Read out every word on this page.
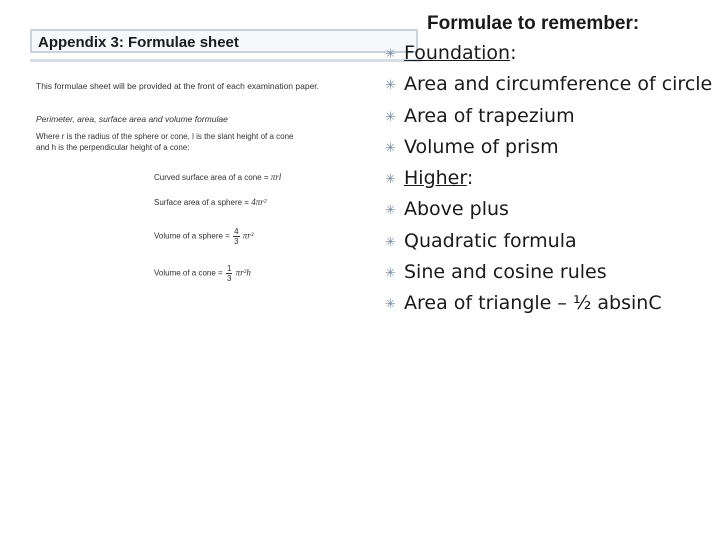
Appendix 3: Formulae sheet
This formulae sheet will be provided at the front of each examination paper.
Perimeter, area, surface area and volume formulae
Where r is the radius of the sphere or cone, l is the slant height of a cone
and h is the perpendicular height of a cone:
Curved surface area of a cone = πrl
Surface area of a sphere = 4πr²
Volume of a sphere = $\frac{4}{3} \pi r^3$
Volume of a cone = $\frac{1}{3} \pi r^2h$
Formulae to remember:
✳ Foundation:
✳ Area and circumference of circle
✳ Area of trapezium
✳ Volume of prism
✳ Higher:
✳ Above plus
✳ Quadratic formula
✳ Sine and cosine rules
✳ Area of triangle – ½ absinC
